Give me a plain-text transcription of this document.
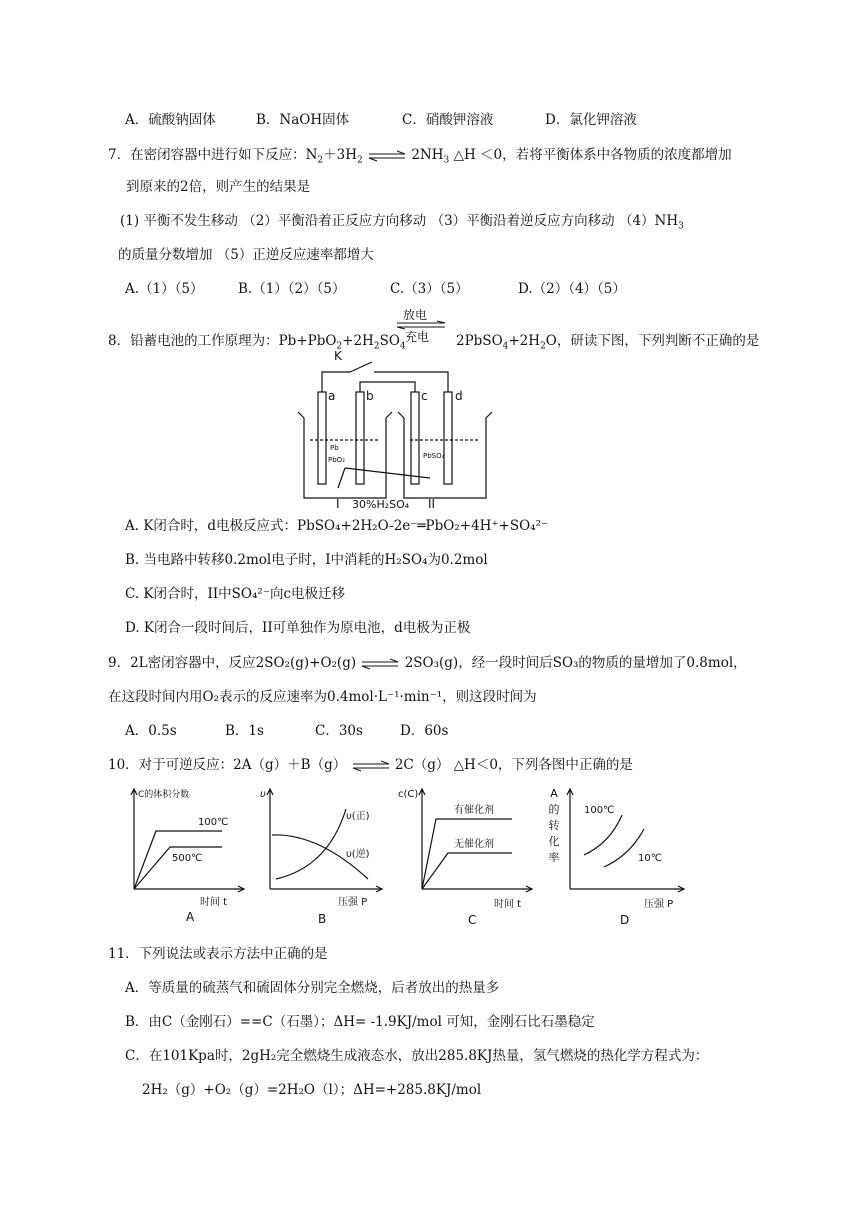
A．硫酸钠固体	B．NaOH固体	C．硝酸钾溶液	D．氯化钾溶液
7．在密闭容器中进行如下反应：$N_2+3H_2$ ⇌ $2NH_3$ △H ＜0，若将平衡体系中各物质的浓度都增加
到原来的2倍，则产生的结果是
(1) 平衡不发生移动 （2）平衡沿着正反应方向移动 （3）平衡沿着逆反应方向移动 $(4)NH_3$
的质量分数增加 （5）正逆反应速率都增大
A.（1）（5）	B.（1）（2）（5）	C.（3）（5）	D.（2）（4）（5）
放电
充电
8．铅蓄电池的工作原理为：$Pb+PbO_2+2H_2SO_4$	$2PbSO_4+2H_2O$，研读下图，下列判断不正确的是
K
a	b	c d
I	II
30%H₂SO₄
Pb
PbO₂	PbSO₄
A. K闭合时，d电极反应式：PbSO₄+2H₂O-2e⁻═PbO₂+4H⁺+SO₄²⁻
B. 当电路中转移0.2mol电子时，I中消耗的H₂SO₄为0.2mol
C. K闭合时，II中SO₄²⁻向c电极迁移
D. K闭合一段时间后，II可单独作为原电池，d电极为正极
9．2L密闭容器中，反应2SO₂(g)+O₂(g) ⇌ 2SO₃(g)，经一段时间后SO₃的物质的量增加了0.8mol，
在这段时间内用O₂表示的反应速率为0.4mol·L⁻¹·min⁻¹，则这段时间为
A．0.5s	B．1s	C．30s	D．60s
10．对于可逆反应：2A（g）＋B（g） ⇌ 2C（g） △H＜0，下列各图中正确的是
C的体积分数
100℃
500℃
时间 t
A
υ
υ(正)
υ(逆)
压强 P
B
c(C)
有催化剂
无催化剂
时间 t
C
A的转化率
100℃
10℃
压强 P
D
11．下列说法或表示方法中正确的是
A．等质量的硫蒸气和硫固体分别完全燃烧，后者放出的热量多
B．由C（金刚石）==C（石墨）；ΔH= -1.9KJ/mol 可知，金刚石比石墨稳定
C．在101Kpa时，2gH₂完全燃烧生成液态水，放出285.8KJ热量，氢气燃烧的热化学方程式为：
2H₂（g）+O₂（g）=2H₂O（l）；ΔH=+285.8KJ/mol
